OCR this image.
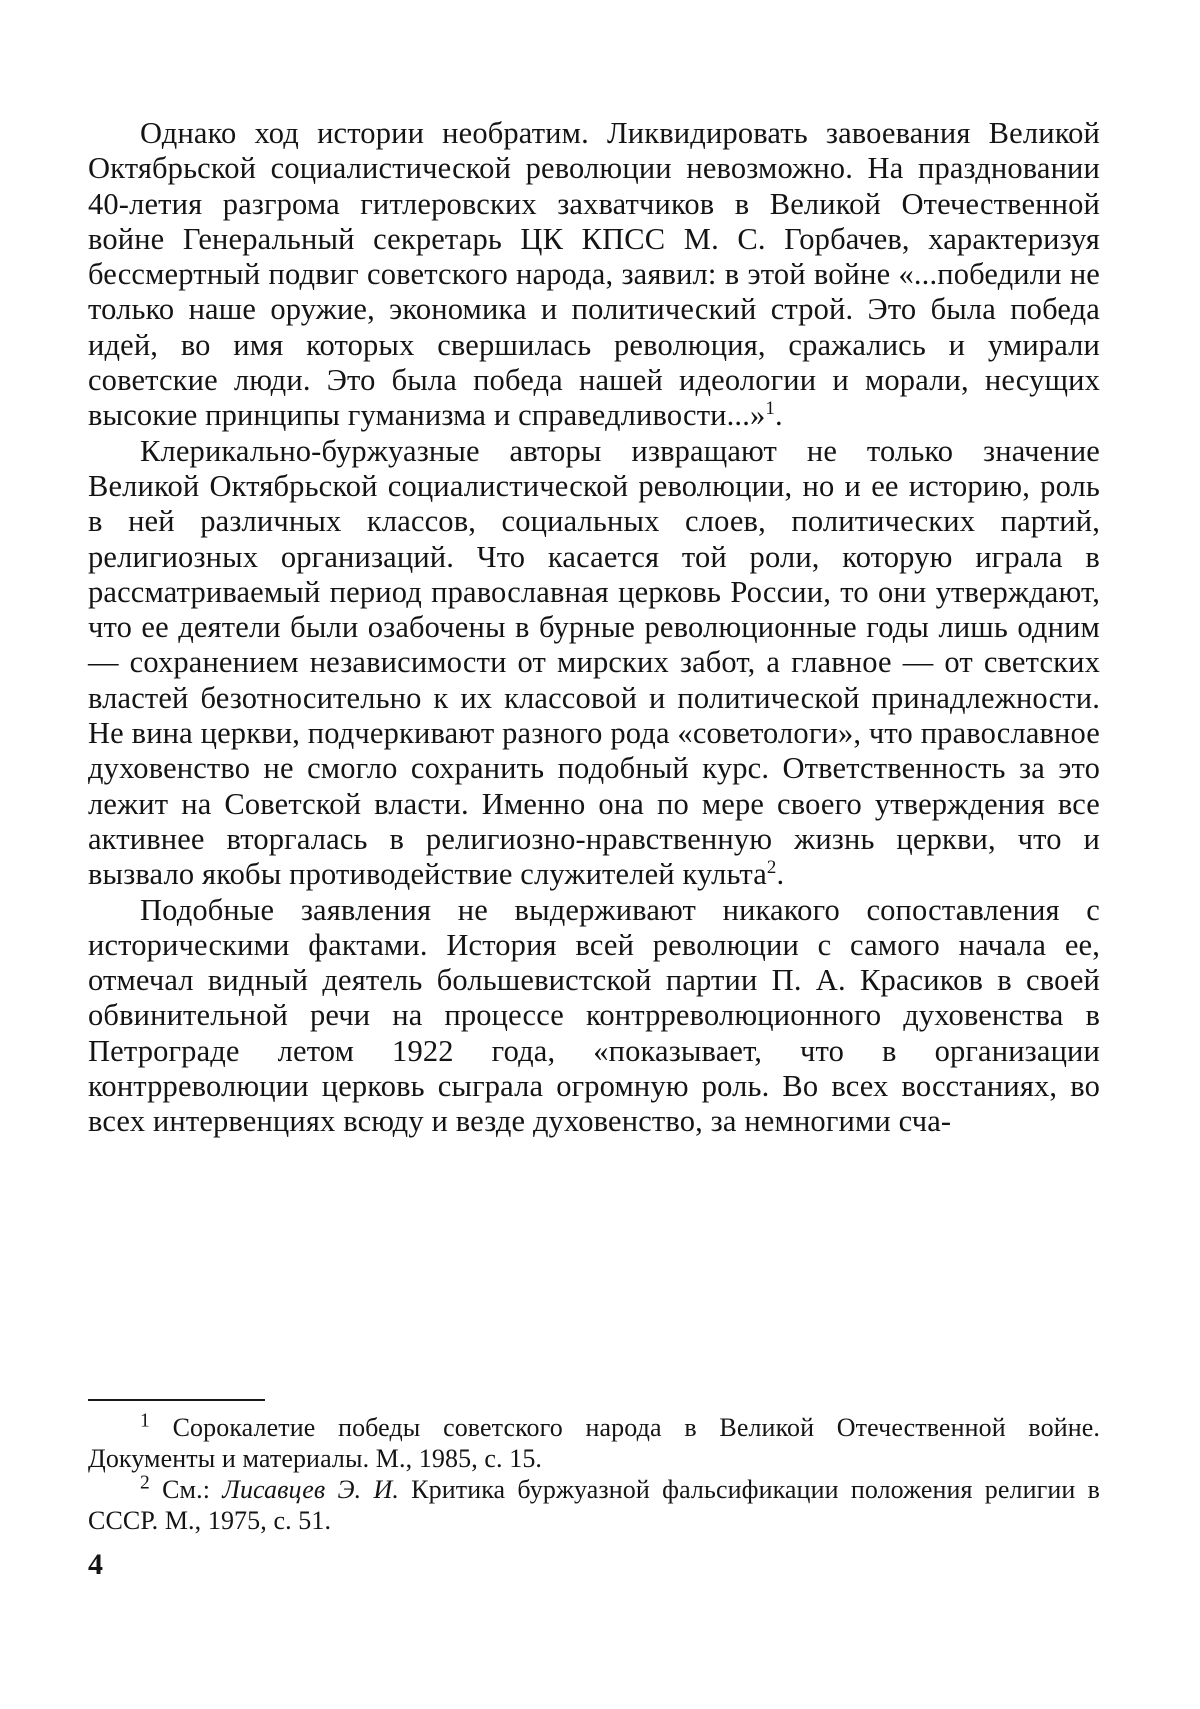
Однако ход истории необратим. Ликвидировать завоевания Великой Октябрьской социалистической революции невозможно. На праздновании 40-летия разгрома гитлеровских захватчиков в Великой Отечественной войне Генеральный секретарь ЦК КПСС М. С. Горбачев, характеризуя бессмертный подвиг советского народа, заявил: в этой войне «...победили не только наше оружие, экономика и политический строй. Это была победа идей, во имя которых свершилась революция, сражались и умирали советские люди. Это была победа нашей идеологии и морали, несущих высокие принципы гуманизма и справедливости...»$^1$.

Клерикально-буржуазные авторы извращают не только значение Великой Октябрьской социалистической революции, но и ее историю, роль в ней различных классов, социальных слоев, политических партий, религиозных организаций. Что касается той роли, которую играла в рассматриваемый период православная церковь России, то они утверждают, что ее деятели были озабочены в бурные революционные годы лишь одним — сохранением независимости от мирских забот, а главное — от светских властей безотносительно к их классовой и политической принадлежности. Не вина церкви, подчеркивают разного рода «советологи», что православное духовенство не смогло сохранить подобный курс. Ответственность за это лежит на Советской власти. Именно она по мере своего утверждения все активнее вторгалась в религиозно-нравственную жизнь церкви, что и вызвало якобы противодействие служителей культа$^2$.

Подобные заявления не выдерживают никакого сопоставления с историческими фактами. История всей революции с самого начала ее, отмечал видный деятель большевистской партии П. А. Красиков в своей обвинительной речи на процессе контрреволюционного духовенства в Петрограде летом 1922 года, «показывает, что в организации контрреволюции церковь сыграла огромную роль. Во всех восстаниях, во всех интервенциях всюду и везде духовенство, за немногими сча-

$^1$ Сорокалетие победы советского народа в Великой Отечественной войне. Документы и материалы. М., 1985, с. 15.

$^2$ См.: Лисавцев Э. И. Критика буржуазной фальсификации положения религии в СССР. М., 1975, с. 51.

4
